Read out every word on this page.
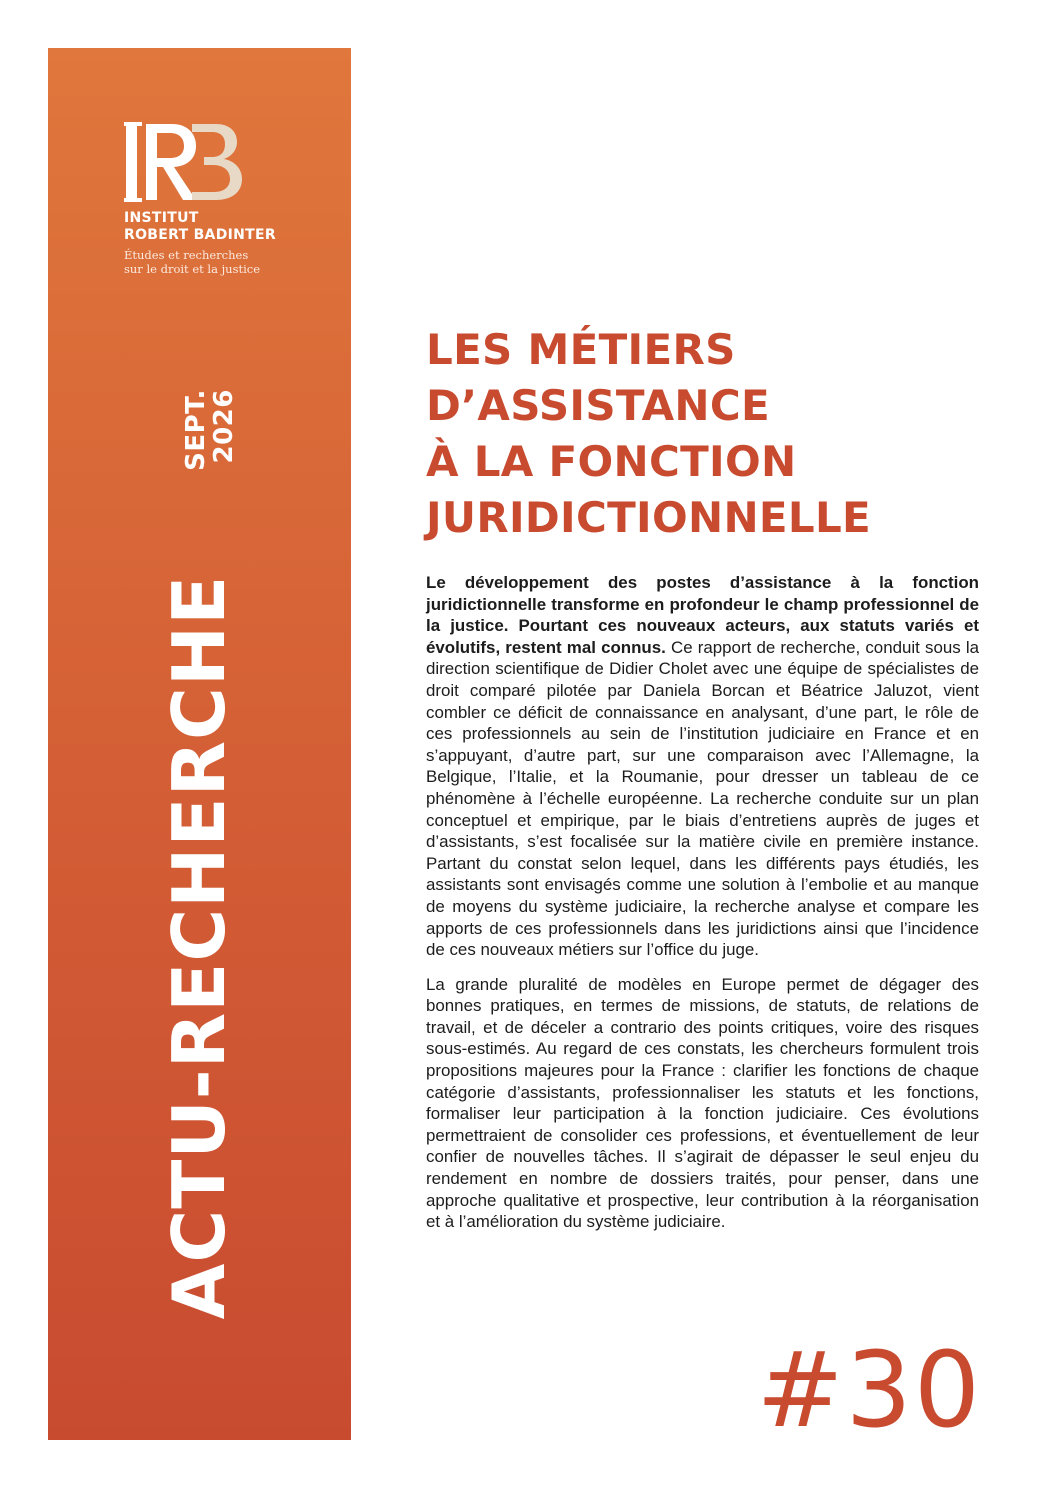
INSTITUT
ROBERT BADINTER
Études et recherches
sur le droit et la justice
SEPT.
2026
ACTU-RECHERCHE
LES MÉTIERS
D’ASSISTANCE
À LA FONCTION
JURIDICTIONNELLE

Le développement des postes d’assistance à la fonction juridictionnelle transforme en profondeur le champ professionnel de la justice. Pourtant ces nouveaux acteurs, aux statuts variés et évolutifs, restent mal connus. Ce rapport de recherche, conduit sous la direction scientifique de Didier Cholet avec une équipe de spécialistes de droit comparé pilotée par Daniela Borcan et Béatrice Jaluzot, vient combler ce déficit de connaissance en analysant, d’une part, le rôle de ces professionnels au sein de l’institution judiciaire en France et en s’appuyant, d’autre part, sur une comparaison avec l’Allemagne, la Belgique, l’Italie, et la Roumanie, pour dresser un tableau de ce phénomène à l’échelle européenne. La recherche conduite sur un plan conceptuel et empirique, par le biais d’entretiens auprès de juges et d’assistants, s’est focalisée sur la matière civile en première instance. Partant du constat selon lequel, dans les différents pays étudiés, les assistants sont envisagés comme une solution à l’embolie et au manque de moyens du système judiciaire, la recherche analyse et compare les apports de ces professionnels dans les juridictions ainsi que l’incidence de ces nouveaux métiers sur l’office du juge.

La grande pluralité de modèles en Europe permet de dégager des bonnes pratiques, en termes de missions, de statuts, de relations de travail, et de déceler a contrario des points critiques, voire des risques sous-estimés. Au regard de ces constats, les chercheurs formulent trois propositions majeures pour la France : clarifier les fonctions de chaque catégorie d’assistants, professionnaliser les statuts et les fonctions, formaliser leur participation à la fonction judiciaire. Ces évolutions permettraient de consolider ces professions, et éventuellement de leur confier de nouvelles tâches. Il s’agirait de dépasser le seul enjeu du rendement en nombre de dossiers traités, pour penser, dans une approche qualitative et prospective, leur contribution à la réorganisation et à l’amélioration du système judiciaire.

#30
